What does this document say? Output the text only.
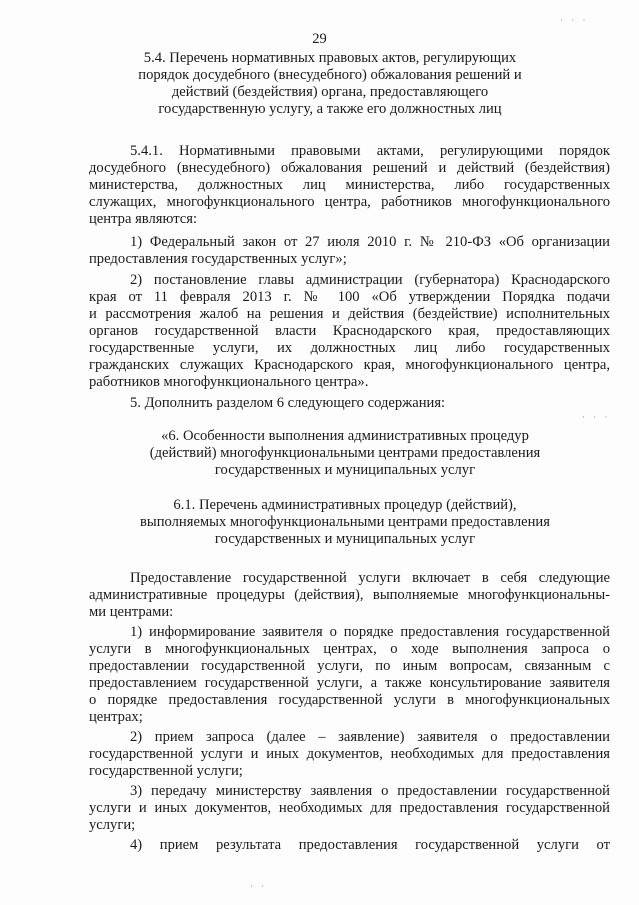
29
· · ·
5.4. Перечень нормативных правовых актов, регулирующих
порядок досудебного (внесудебного) обжалования решений и
действий (бездействия) органа, предоставляющего
государственную услугу, а также его должностных лиц
5.4.1. Нормативными правовыми актами, регулирующими порядок
досудебного (внесудебного) обжалования решений и действий (бездействия)
министерства, должностных лиц министерства, либо государственных
служащих, многофункционального центра, работников многофункционального
центра являются:
1) Федеральный закон от 27 июля 2010 г. № 210-ФЗ «Об организации
предоставления государственных услуг»;
2) постановление главы администрации (губернатора) Краснодарского
края от 11 февраля 2013 г. № 100 «Об утверждении Порядка подачи
и рассмотрения жалоб на решения и действия (бездействие) исполнительных
органов государственной власти Краснодарского края, предоставляющих
государственные услуги, их должностных лиц либо государственных
гражданских служащих Краснодарского края, многофункционального центра,
работников многофункционального центра».
5. Дополнить разделом 6 следующего содержания:
· · ·
«6. Особенности выполнения административных процедур
(действий) многофункциональными центрами предоставления
государственных и муниципальных услуг
6.1. Перечень административных процедур (действий),
выполняемых многофункциональными центрами предоставления
государственных и муниципальных услуг
Предоставление государственной услуги включает в себя следующие
административные процедуры (действия), выполняемые многофункциональны-
ми центрами:
1) информирование заявителя о порядке предоставления государственной
услуги в многофункциональных центрах, о ходе выполнения запроса о
предоставлении государственной услуги, по иным вопросам, связанным с
предоставлением государственной услуги, а также консультирование заявителя
о порядке предоставления государственной услуги в многофункциональных
центрах;
2) прием запроса (далее – заявление) заявителя о предоставлении
государственной услуги и иных документов, необходимых для предоставления
государственной услуги;
3) передачу министерству заявления о предоставлении государственной
услуги и иных документов, необходимых для предоставления государственной
услуги;
4) прием результата предоставления государственной услуги от
· ·
